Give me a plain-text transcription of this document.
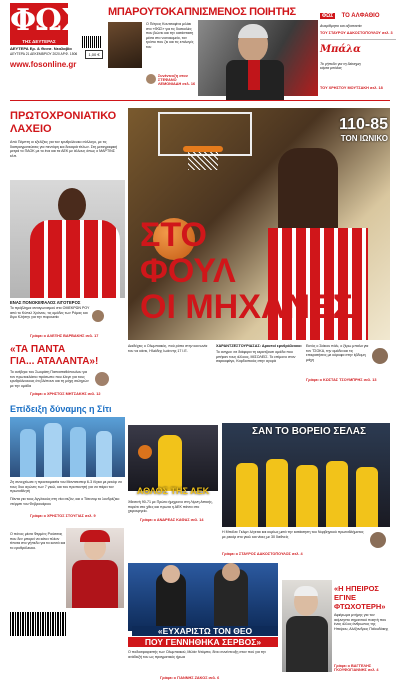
ΦΩΣ
ΤΗΣ ΔΕΥΤΕΡΑΣ
ΔΕΥΤΕΡΑ Ερ. & Θεσσ. Νεαλαβία
ΔΕΥΤΕΡΑ 21 ΔΕΚΕΜΒΡΙΟΥ 2020 ΑΡ.Φ. 1506	1,00 €
www.fosonline.gr
ΜΠΑΡΟΥΤΟΚΑΠΝΙΣΜΕΝΟΣ ΠΟΙΗΤΗΣ
Ο Πέτρος Κουτσοφίνα μιλάει στο «ΦΩΣ» για τις δυσκολίες που βιώνει και την κατάσταση μέσα στο νοσοκομείο, τον τρόπο που ζει και τις επιλογές του
Συνέντευξη στον ΣΤΕΦΑΝΟ ΛΕΜΟΝΙΑΔΗ σελ. 16
ΦΩΣ ΤΟ ΑΛΦΑΘΙΟ
Αναρίθμητοι και αξιοπιστία
ΤΟΥ ΣΤΑΥΡΟΥ ΔΑΚΟΣΤΟΠΟΥΛΟΥ σελ. 3
Μπάλα Το γήπεδο για τη διάσημη κάρτα μπάλας
ΤΟΥ ΧΡΗΣΤΟΥ ΜΟΥΤΣΑΚΗ σελ. 18
ΠΡΩΤΟΧΡΟΝΙΑΤΙΚΟ
ΛΑΧΕΙΟ
Από Πέμπτη οι εξελίξεις για τον ερυθρόλευκο σύλλογο, με τις διαπραγματεύσεις για πεντάρη και δεκαριά τίτλων. Στη μεταγραφική μετρά το ΠΑΟΚ με το ένα και τα ΑΕΚ με άλλους όπως ο ΜΑΡΤΙΝΣ κλπ.
ΕΝΑΣ ΠΟΝΟΚΕΦΑΛΟΣ ΛΙΓΟΤΕΡΟΣ
Το πρόβλημα ανταγωνισμού στο ΟΜΕΚΡΩΝ ΡΟΥ από το Κύπελ Χρόνου, τις ομάδες των Ρόμας και Άγιο Κλήσην για την παρουσία
Γράφει ο ΑΛΕΞΗΣ ΒΑΡΒΑΚΗΣ σελ. 17
«ΤΑ ΠΑΝΤΑ
ΓΙΑ... ΑΤΑΛΑΝΤΑ»!
Το ανέβηκε του Σωκράτη Παπασταθόπουλου για τον πρωτοκλάσιο πρόσωπο που έλεγε για τους ερυθρόλευκους ότι βλέπουν και τη μάχη σκληρών με την ομάδα
Γράφει ο ΧΡΗΣΤΟΣ ΜΗΤΣΑΚΗΣ σελ. 12
Επίδειξη δύναμης η Σίτι
Ζη συνεχείωσε η προετοιμασία του Μαντσεστερ 6-3 Λίγκα με ρεκόρ να τους δυο αγώνες των 7 γκολ, και του προπονητή για να πάρει τον πρωταθλητή
Πάντα για τους Αγγλικούς στη νέα σεζόν, και ο Τότεναμ το λονδρέζικο ντέρμπι του Φεβρουάριου
Γράφει ο ΧΡΗΣΤΟΣ ΣΤΟΥΓΙΑΣ σελ. 9
Ο πόνος μέσα Φερμίνς Ρούσσας που δεν μπορεί να κάνει πλέον τίποτα στο γήπεδο για τα κοντά και το ερυθρόλευκο.
110-85
ΤΟΝ ΙΩΝΙΚΟ
ΣΤΟ
ΦΟΥΛ
ΟΙ ΜΗΧΑΝΕΣ
Διαδέχεις ο Ολυμπιακός, πού ρόπο στην κοινωνία του να κάνει, Ηλιάδης Ιωάννης 17 Ι.Ε.
ΧΑΡΑΝΤΖΕΣΤΟΥΡΙΑΣΑΣ: Αρκετοί ερυθρόλευκοι
Το ανιγμα: σε διάφορα τη κερατζουσι ομάδα που μπήκαν τους άλλους, ΜΙΣΟΛΕΙΣ. Το επίμονο στον σαρκοφάγο, Καρδιοποιός στην αγορά
Εκτός ο Σιάκου πάλι, ο ξέρω μπαλα για τον ΤΣΟΚΑ, την ομάδα και τις επικρατήσεις με κόρυφα στην έβδομη μάχη
Γράφει ο ΚΩΣΤΑΣ ΤΣΟΥΜΠΡΗΣ σελ. 13
ΑΘΛΟΣ ΤΗΣ ΑΕΚ
Χθεσινή 90-71 με Πρώτο ήμιχρονο στη Λίμνη Αττικής, παρότι στο χθες και πρωτα η ΑΕΚ πάντα στο χειρουργείο.
Γράφει ο ΑΝΔΡΕΑΣ ΚΑΦΑΣ σελ. 14
ΣΑΝ ΤΟ ΒΟΡΕΙΟ ΣΕΛΑΣ
Η Μπόλτε Γκλιμτ λέγεται και κυρίως μετά την κατάκτηση του Νορβηγικού πρωταθλήματος με ρεκόρ στο γκολ και νίκες με 30 διεθνείς
Γράφει ο ΣΤΑΥΡΟΣ ΔΑΚΟΣΤΟΠΟΥΛΟΣ σελ. 4
«ΕΥΧΑΡΙΣΤΩ ΤΟΝ ΘΕΟ
ΠΟΥ ΓΕΝΝΗΘΗΚΑ ΣΕΡΒΟΣ»
Ο ποδοσφαιριστής των Ολυμπιακού, Μιλάν Ντόμπα, δίνει συνέντευξη στον πού για την ανάδειξή του ως πραγματικός ήρωα
Γράφει ο ΓΙΑΝΝΗΣ ΖΑΚΟΣ σελ. 6
«Η ΗΠΕΙΡΟΣ
ΕΓΙΝΕ
ΦΤΩΧΟΤΕΡΗ»
Αφιέρωμα μνήμης για τον αείμνηστο σημαντικό ποιητή που ένας άλλος άνθρωπος της Ηπείρου, Αλέξανδρος Παϊουδάκης
Γράφει ο ΒΑΓΓΕΛΗΣ ΓΚΟΥΦΟΓΙΑΝΝΗΣ σελ. 4
